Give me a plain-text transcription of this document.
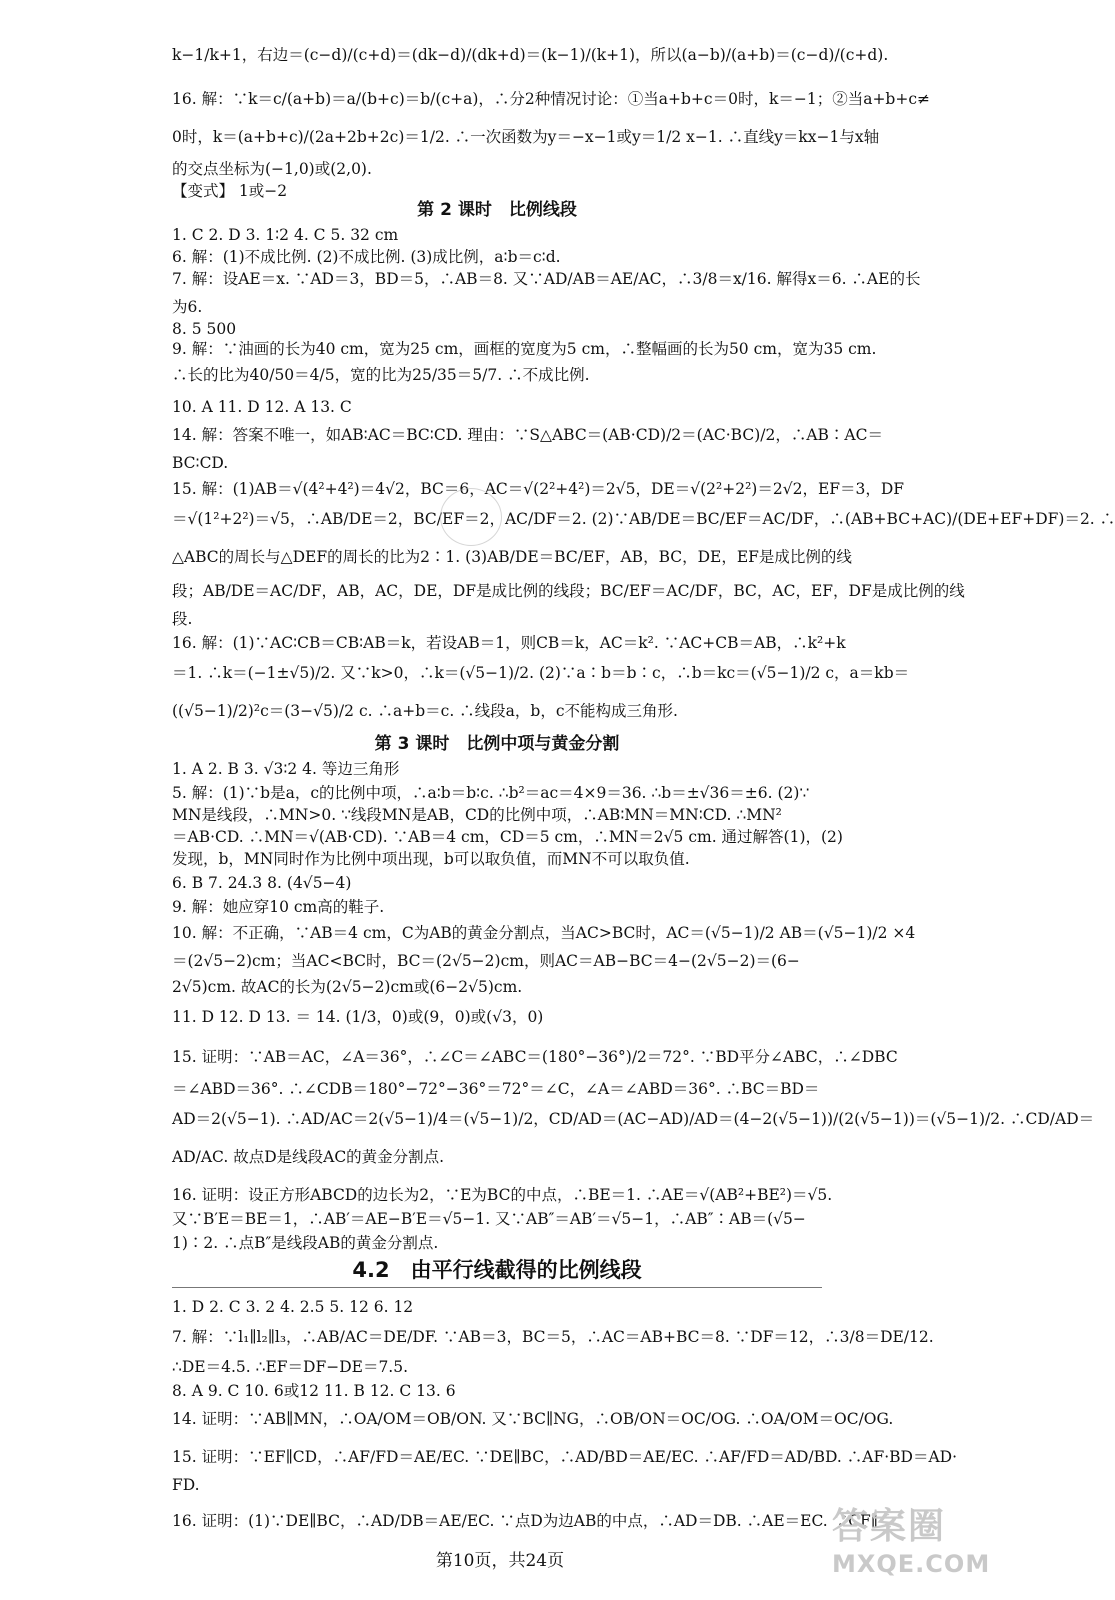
k−1/k+1，右边＝(c−d)/(c+d)＝(dk−d)/(dk+d)＝(k−1)/(k+1)，所以(a−b)/(a+b)＝(c−d)/(c+d).
16. 解：∵k＝c/(a+b)＝a/(b+c)＝b/(c+a)，∴分2种情况讨论：①当a+b+c＝0时，k＝−1；②当a+b+c≠
0时，k＝(a+b+c)/(2a+2b+2c)＝1/2. ∴一次函数为y＝−x−1或y＝1/2 x−1. ∴直线y＝kx−1与x轴
的交点坐标为(−1,0)或(2,0).
【变式】 1或−2
第 2 课时　比例线段
1. C 2. D 3. 1∶2 4. C 5. 32 cm
6. 解：(1)不成比例. (2)不成比例. (3)成比例，a∶b＝c∶d.
7. 解：设AE＝x. ∵AD＝3，BD＝5，∴AB＝8. 又∵AD/AB＝AE/AC，∴3/8＝x/16. 解得x＝6. ∴AE的长
为6.
8. 5 500
9. 解：∵油画的长为40 cm，宽为25 cm，画框的宽度为5 cm，∴整幅画的长为50 cm，宽为35 cm.
∴长的比为40/50＝4/5，宽的比为25/35＝5/7. ∴不成比例.
10. A 11. D 12. A 13. C
14. 解：答案不唯一，如AB∶AC＝BC∶CD. 理由：∵S△ABC＝(AB·CD)/2＝(AC·BC)/2，∴AB∶AC＝
BC∶CD.
15. 解：(1)AB＝√(4²+4²)＝4√2，BC＝6，AC＝√(2²+4²)＝2√5，DE＝√(2²+2²)＝2√2，EF＝3，DF
＝√(1²+2²)＝√5，∴AB/DE＝2，BC/EF＝2，AC/DF＝2. (2)∵AB/DE＝BC/EF＝AC/DF，∴(AB+BC+AC)/(DE+EF+DF)＝2. ∴
△ABC的周长与△DEF的周长的比为2∶1. (3)AB/DE＝BC/EF，AB，BC，DE，EF是成比例的线
段；AB/DE＝AC/DF，AB，AC，DE，DF是成比例的线段；BC/EF＝AC/DF，BC，AC，EF，DF是成比例的线
段.
16. 解：(1)∵AC∶CB＝CB∶AB＝k，若设AB＝1，则CB＝k，AC＝k². ∵AC+CB＝AB，∴k²+k
＝1. ∴k＝(−1±√5)/2. 又∵k>0，∴k＝(√5−1)/2. (2)∵a∶b＝b∶c，∴b＝kc＝(√5−1)/2 c，a＝kb＝
((√5−1)/2)²c＝(3−√5)/2 c. ∴a+b＝c. ∴线段a，b，c不能构成三角形.
第 3 课时　比例中项与黄金分割
1. A 2. B 3. √3∶2 4. 等边三角形
5. 解：(1)∵b是a，c的比例中项，∴a∶b＝b∶c. ∴b²＝ac＝4×9＝36. ∴b＝±√36＝±6. (2)∵
MN是线段，∴MN>0. ∵线段MN是AB，CD的比例中项，∴AB∶MN＝MN∶CD. ∴MN²
＝AB·CD. ∴MN＝√(AB·CD). ∵AB＝4 cm，CD＝5 cm，∴MN＝2√5 cm. 通过解答(1)，(2)
发现，b，MN同时作为比例中项出现，b可以取负值，而MN不可以取负值.
6. B 7. 24.3 8. (4√5−4)
9. 解：她应穿10 cm高的鞋子.
10. 解：不正确，∵AB＝4 cm，C为AB的黄金分割点，当AC>BC时，AC＝(√5−1)/2 AB＝(√5−1)/2 ×4
＝(2√5−2)cm；当AC<BC时，BC＝(2√5−2)cm，则AC＝AB−BC＝4−(2√5−2)＝(6−
2√5)cm. 故AC的长为(2√5−2)cm或(6−2√5)cm.
11. D 12. D 13. ＝ 14. (1/3，0)或(9，0)或(√3，0)
15. 证明：∵AB＝AC，∠A＝36°，∴∠C＝∠ABC＝(180°−36°)/2＝72°. ∵BD平分∠ABC，∴∠DBC
＝∠ABD＝36°. ∴∠CDB＝180°−72°−36°＝72°＝∠C，∠A＝∠ABD＝36°. ∴BC＝BD＝
AD＝2(√5−1). ∴AD/AC＝2(√5−1)/4＝(√5−1)/2，CD/AD＝(AC−AD)/AD＝(4−2(√5−1))/(2(√5−1))＝(√5−1)/2. ∴CD/AD＝
AD/AC. 故点D是线段AC的黄金分割点.
16. 证明：设正方形ABCD的边长为2，∵E为BC的中点，∴BE＝1. ∴AE＝√(AB²+BE²)＝√5.
又∵B′E＝BE＝1，∴AB′＝AE−B′E＝√5−1. 又∵AB″＝AB′＝√5−1，∴AB″∶AB＝(√5−
1)∶2. ∴点B″是线段AB的黄金分割点.
4.2　由平行线截得的比例线段
1. D 2. C 3. 2 4. 2.5 5. 12 6. 12
7. 解：∵l₁∥l₂∥l₃，∴AB/AC＝DE/DF. ∵AB＝3，BC＝5，∴AC＝AB+BC＝8. ∵DF＝12，∴3/8＝DE/12.
∴DE＝4.5. ∴EF＝DF−DE＝7.5.
8. A 9. C 10. 6或12 11. B 12. C 13. 6
14. 证明：∵AB∥MN，∴OA/OM＝OB/ON. 又∵BC∥NG，∴OB/ON＝OC/OG. ∴OA/OM＝OC/OG.
15. 证明：∵EF∥CD，∴AF/FD＝AE/EC. ∵DE∥BC，∴AD/BD＝AE/EC. ∴AF/FD＝AD/BD. ∴AF·BD＝AD·
FD.
16. 证明：(1)∵DE∥BC，∴AD/DB＝AE/EC. ∵点D为边AB的中点，∴AD＝DB. ∴AE＝EC. ∵CF∥
第10页，共24页
答案圈
MXQE.COM
